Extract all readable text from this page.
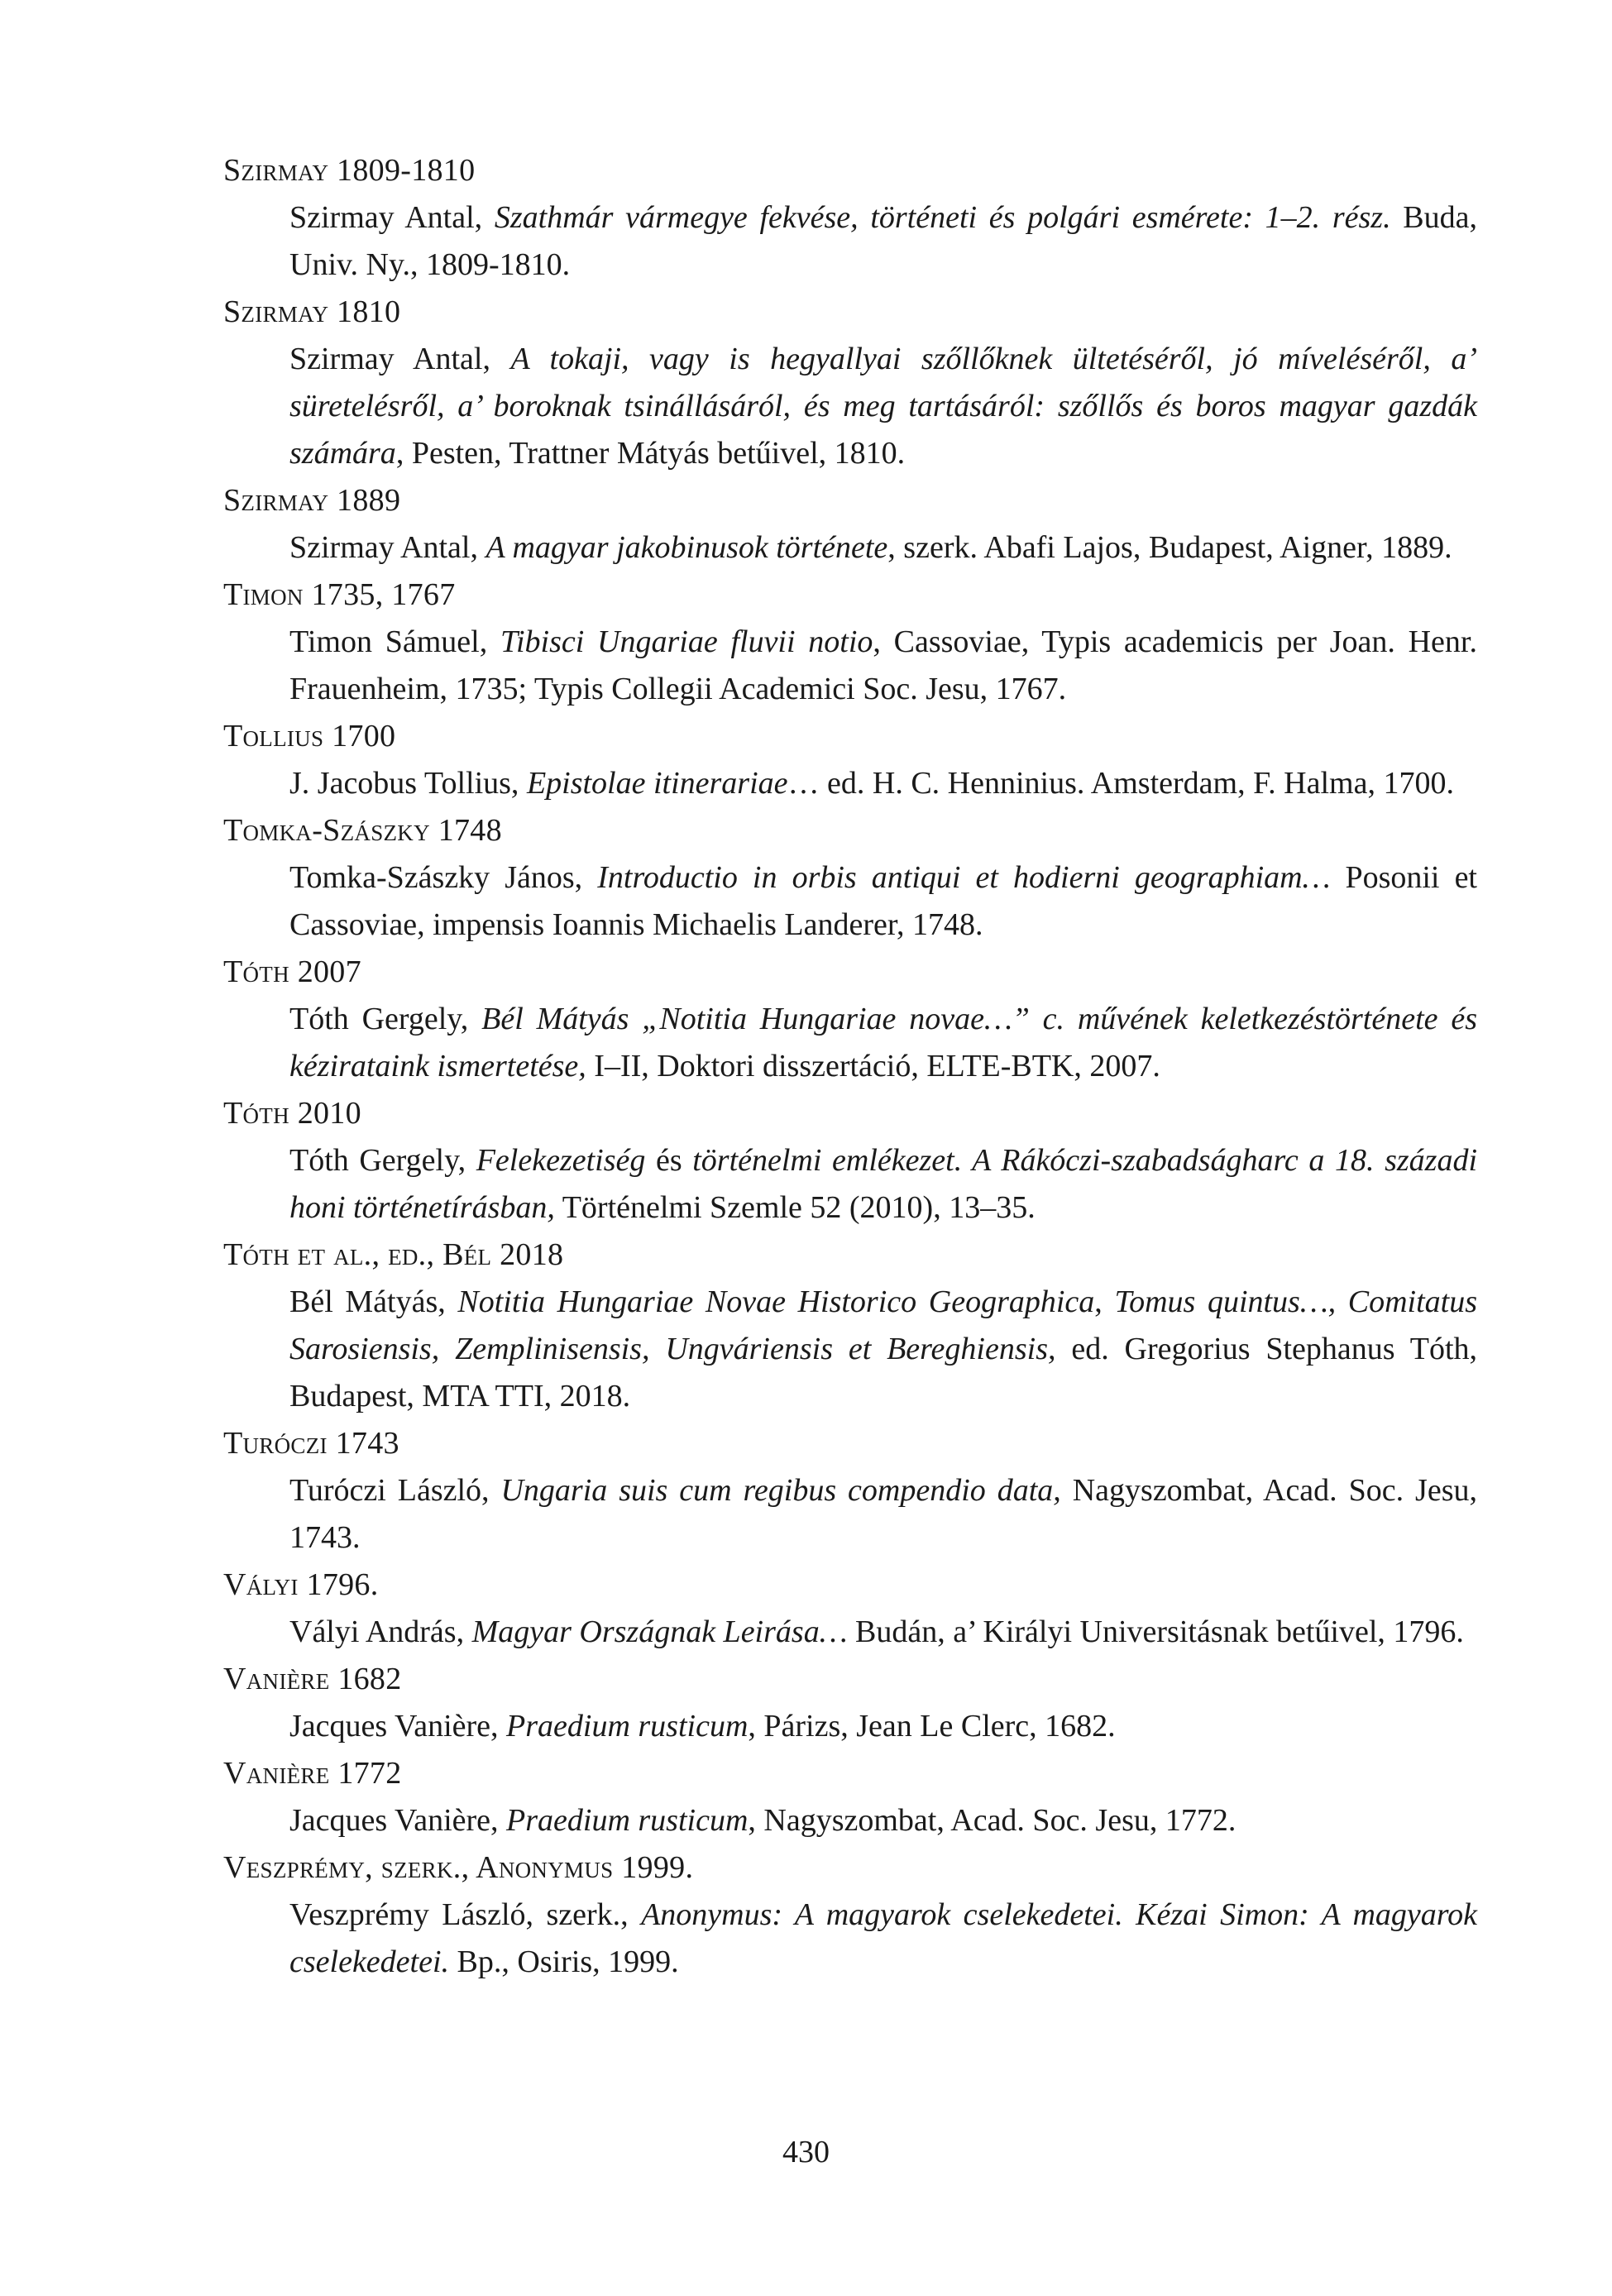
Szirmay 1809-1810
Szirmay Antal, Szathmár vármegye fekvése, történeti és polgári esmérete: 1–2. rész. Buda, Univ. Ny., 1809-1810.
Szirmay 1810
Szirmay Antal, A tokaji, vagy is hegyallyai szőllőknek ültetéséről, jó míveléséről, a’ süretelésről, a’ boroknak tsinállásáról, és meg tartásáról: szőllős és boros magyar gazdák számára, Pesten, Trattner Mátyás betűivel, 1810.
Szirmay 1889
Szirmay Antal, A magyar jakobinusok története, szerk. Abafi Lajos, Budapest, Aigner, 1889.
Timon 1735, 1767
Timon Sámuel, Tibisci Ungariae fluvii notio, Cassoviae, Typis academicis per Joan. Henr. Frauenheim, 1735; Typis Collegii Academici Soc. Jesu, 1767.
Tollius 1700
J. Jacobus Tollius, Epistolae itinerariae… ed. H. C. Henninius. Amsterdam, F. Halma, 1700.
Tomka-Szászky 1748
Tomka-Szászky János, Introductio in orbis antiqui et hodierni geographiam… Posonii et Cassoviae, impensis Ioannis Michaelis Landerer, 1748.
Tóth 2007
Tóth Gergely, Bél Mátyás „Notitia Hungariae novae…” c. művének keletkezéstörténete és kézirataink ismertetése, I–II, Doktori disszertáció, ELTE-BTK, 2007.
Tóth 2010
Tóth Gergely, Felekezetiség és történelmi emlékezet. A Rákóczi-szabadságharc a 18. századi honi történetírásban, Történelmi Szemle 52 (2010), 13–35.
Tóth et al., ed., Bél 2018
Bél Mátyás, Notitia Hungariae Novae Historico Geographica, Tomus quintus…, Comitatus Sarosiensis, Zemplinisensis, Ungváriensis et Bereghiensis, ed. Gregorius Stephanus Tóth, Budapest, MTA TTI, 2018.
Turóczi 1743
Turóczi László, Ungaria suis cum regibus compendio data, Nagyszombat, Acad. Soc. Jesu, 1743.
Vályi 1796.
Vályi András, Magyar Országnak Leirása… Budán, a’ Királyi Universitásnak betűivel, 1796.
Vanière 1682
Jacques Vanière, Praedium rusticum, Párizs, Jean Le Clerc, 1682.
Vanière 1772
Jacques Vanière, Praedium rusticum, Nagyszombat, Acad. Soc. Jesu, 1772.
Veszprémy, szerk., Anonymus 1999.
Veszprémy László, szerk., Anonymus: A magyarok cselekedetei. Kézai Simon: A magyarok cselekedetei. Bp., Osiris, 1999.
430
